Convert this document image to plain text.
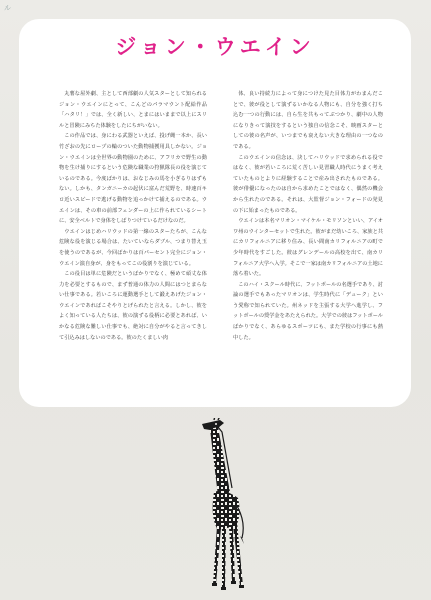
ル
ジョン・ウエイン

丸薯な屋外劇、主として西部劇の人気スターとして知られるジョン・ウエインにとって、こんどのパラマウント配給作品「ハタリ！」では、全く新しい、とまにはいままで以上にスリルと冒険にみちた体験をしたにちがいない。

この作品では、身にわる武器といえば、投げ縄一本か、長い竹ざおの先にロープの輪のついた動物捕獲用具しかない。ジョン・ウエインは全世界の動物園のために、アフリカで野生の動物を生け捕りにするという危険な職業の狩猟隊長の役を演じているのである。今度ばかりは、おなじみの馬を小ぎるりはずもない。しかも、タンガニーカの起伏に富んだ荒野を、時速百キロ近いスピードで逃げる動物を追っかけて捕えるのである。ウエインは、その車の前部フェンダーの上に作られているシートに、安全ベルトで身体をしばりつけているだけなのだ。

ウエインはじめハリウッドの第一線のスターたちが、こんな危険な役を演じる場合は、たいていならダブル、つまり替え玉を使うのであるが、今回ばかりは百パーセント完全にジョン・ウエイン演自身が、身をもってこの役割りを演じている。

この役目は単に危険だというばかりでなく、極めて頑丈な体力を必要とするもので、まず普通の体力の人間にはつとまらない仕事である。若いころに運動選手として鍛えあげたジョン・ウエインであればこそやりとげられたと言える。しかし、彼をよく知っている人たちは、彼の演ずる役柄に必要とあれば、いかなる危険な難しい仕事でも、絶対に自分がやると言ってきして引込みはしないのである。彼のたくましい肉

体、良い持続力によって身につけた見た目体力がわまんだことで、彼が役として演ずるいかなる人物にも、自分を強く打ち込む一つの行動には、自ら生を共もってぶつかり、劇中の人物になりきって演技をするという独自の信念こそ、映画スターとしての彼の名声が、いつまでも衰えない大きな理由の一つなのである。

このウエインの信念は、決してハリウッドで求められる役ではなく、彼が若いころに荒く苦しい見習職人時代にうまく考えていたものとよりに経験することで産み出されたものである。彼が俳優になったのは自から求めたことではなく、偶然の機会から生れたのである。それは、大監督ジョン・フォードの発見の下に始まったものである。

ウエインは本名マリオン・マイケル・モリソンといい、アイオワ州のウインターセットで生れた。彼がまだ幼いころ、家族と共にカリフォルニアに移り住み、長い間南カリフォルニアの町で少年時代をすごした。彼はグレンデールの高校を出て、南カリフォルニア大学へ入学。そこで一家は南カリフォルニアの土地に落ち着いた。

このハイ・スクール時代に、フットボールの名選手であり、討論の選手でもあったマリオンは、学生時代に「デューク」という愛称で知られていた。州ネッドを主張する大学へ進学し、フットボールの奨学金をあたえられた。大学での彼はフットボールばかりでなく、あらゆるスポーツにも、また学校の行事にも熱中した。
